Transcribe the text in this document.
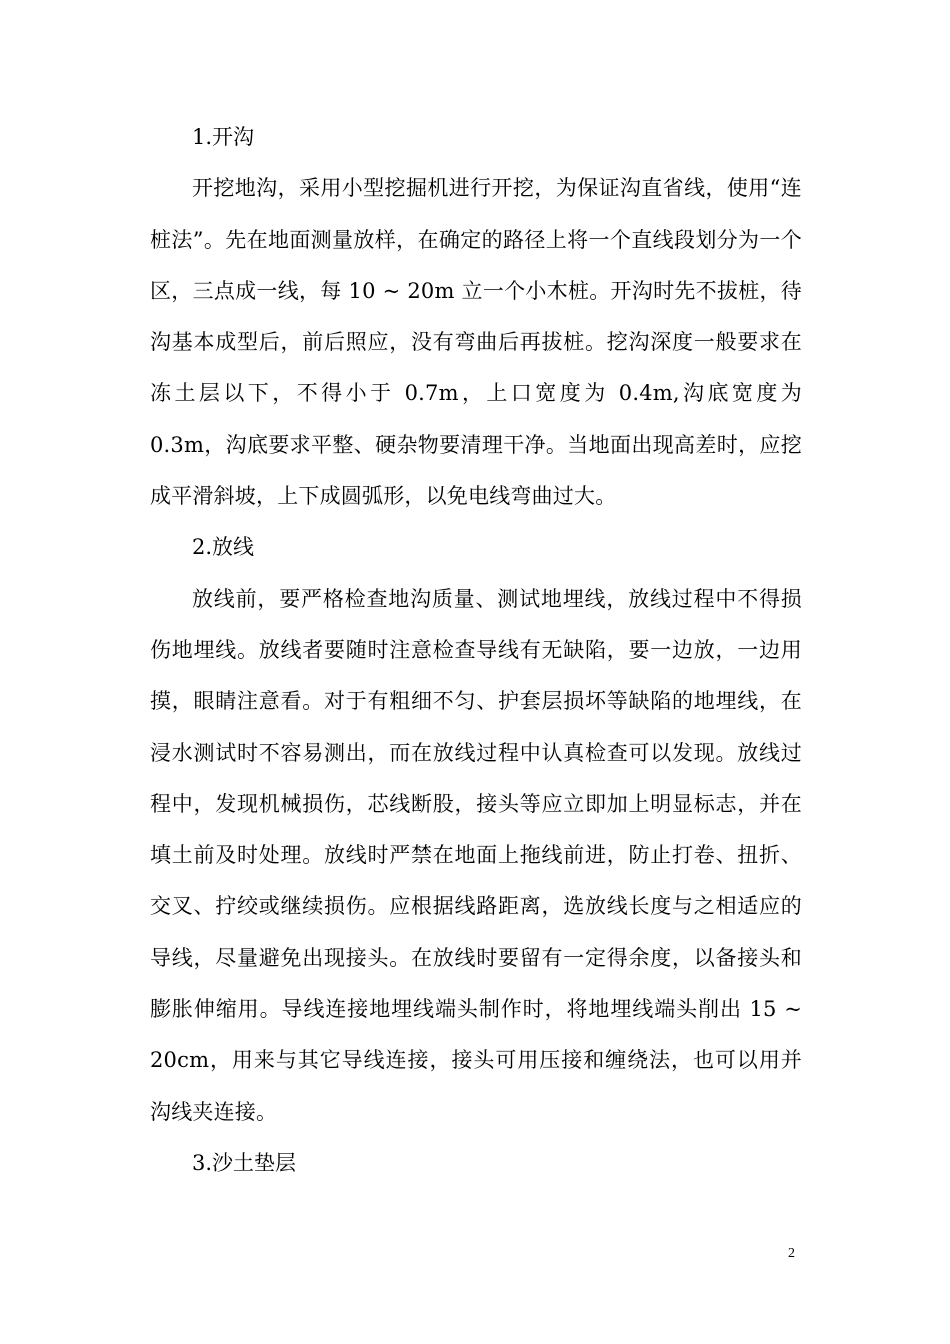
1.开沟

开挖地沟，采用小型挖掘机进行开挖，为保证沟直省线，使用“连桩法”。先在地面测量放样，在确定的路径上将一个直线段划分为一个区，三点成一线，每 10 ~ 20m 立一个小木桩。开沟时先不拔桩，待沟基本成型后，前后照应，没有弯曲后再拔桩。挖沟深度一般要求在冻土层以下，不得小于 0.7m，上口宽度为 0.4m,沟底宽度为 0.3m，沟底要求平整、硬杂物要清理干净。当地面出现高差时，应挖成平滑斜坡，上下成圆弧形，以免电线弯曲过大。

2.放线

放线前，要严格检查地沟质量、测试地埋线，放线过程中不得损伤地埋线。放线者要随时注意检查导线有无缺陷，要一边放，一边用摸，眼睛注意看。对于有粗细不匀、护套层损坏等缺陷的地埋线，在浸水测试时不容易测出，而在放线过程中认真检查可以发现。放线过程中，发现机械损伤，芯线断股，接头等应立即加上明显标志，并在填土前及时处理。放线时严禁在地面上拖线前进，防止打卷、扭折、交叉、拧绞或继续损伤。应根据线路距离，选放线长度与之相适应的导线，尽量避免出现接头。在放线时要留有一定得余度，以备接头和膨胀伸缩用。导线连接地埋线端头制作时，将地埋线端头削出 15 ~ 20cm，用来与其它导线连接，接头可用压接和缠绕法，也可以用并沟线夹连接。

3.沙土垫层

2
